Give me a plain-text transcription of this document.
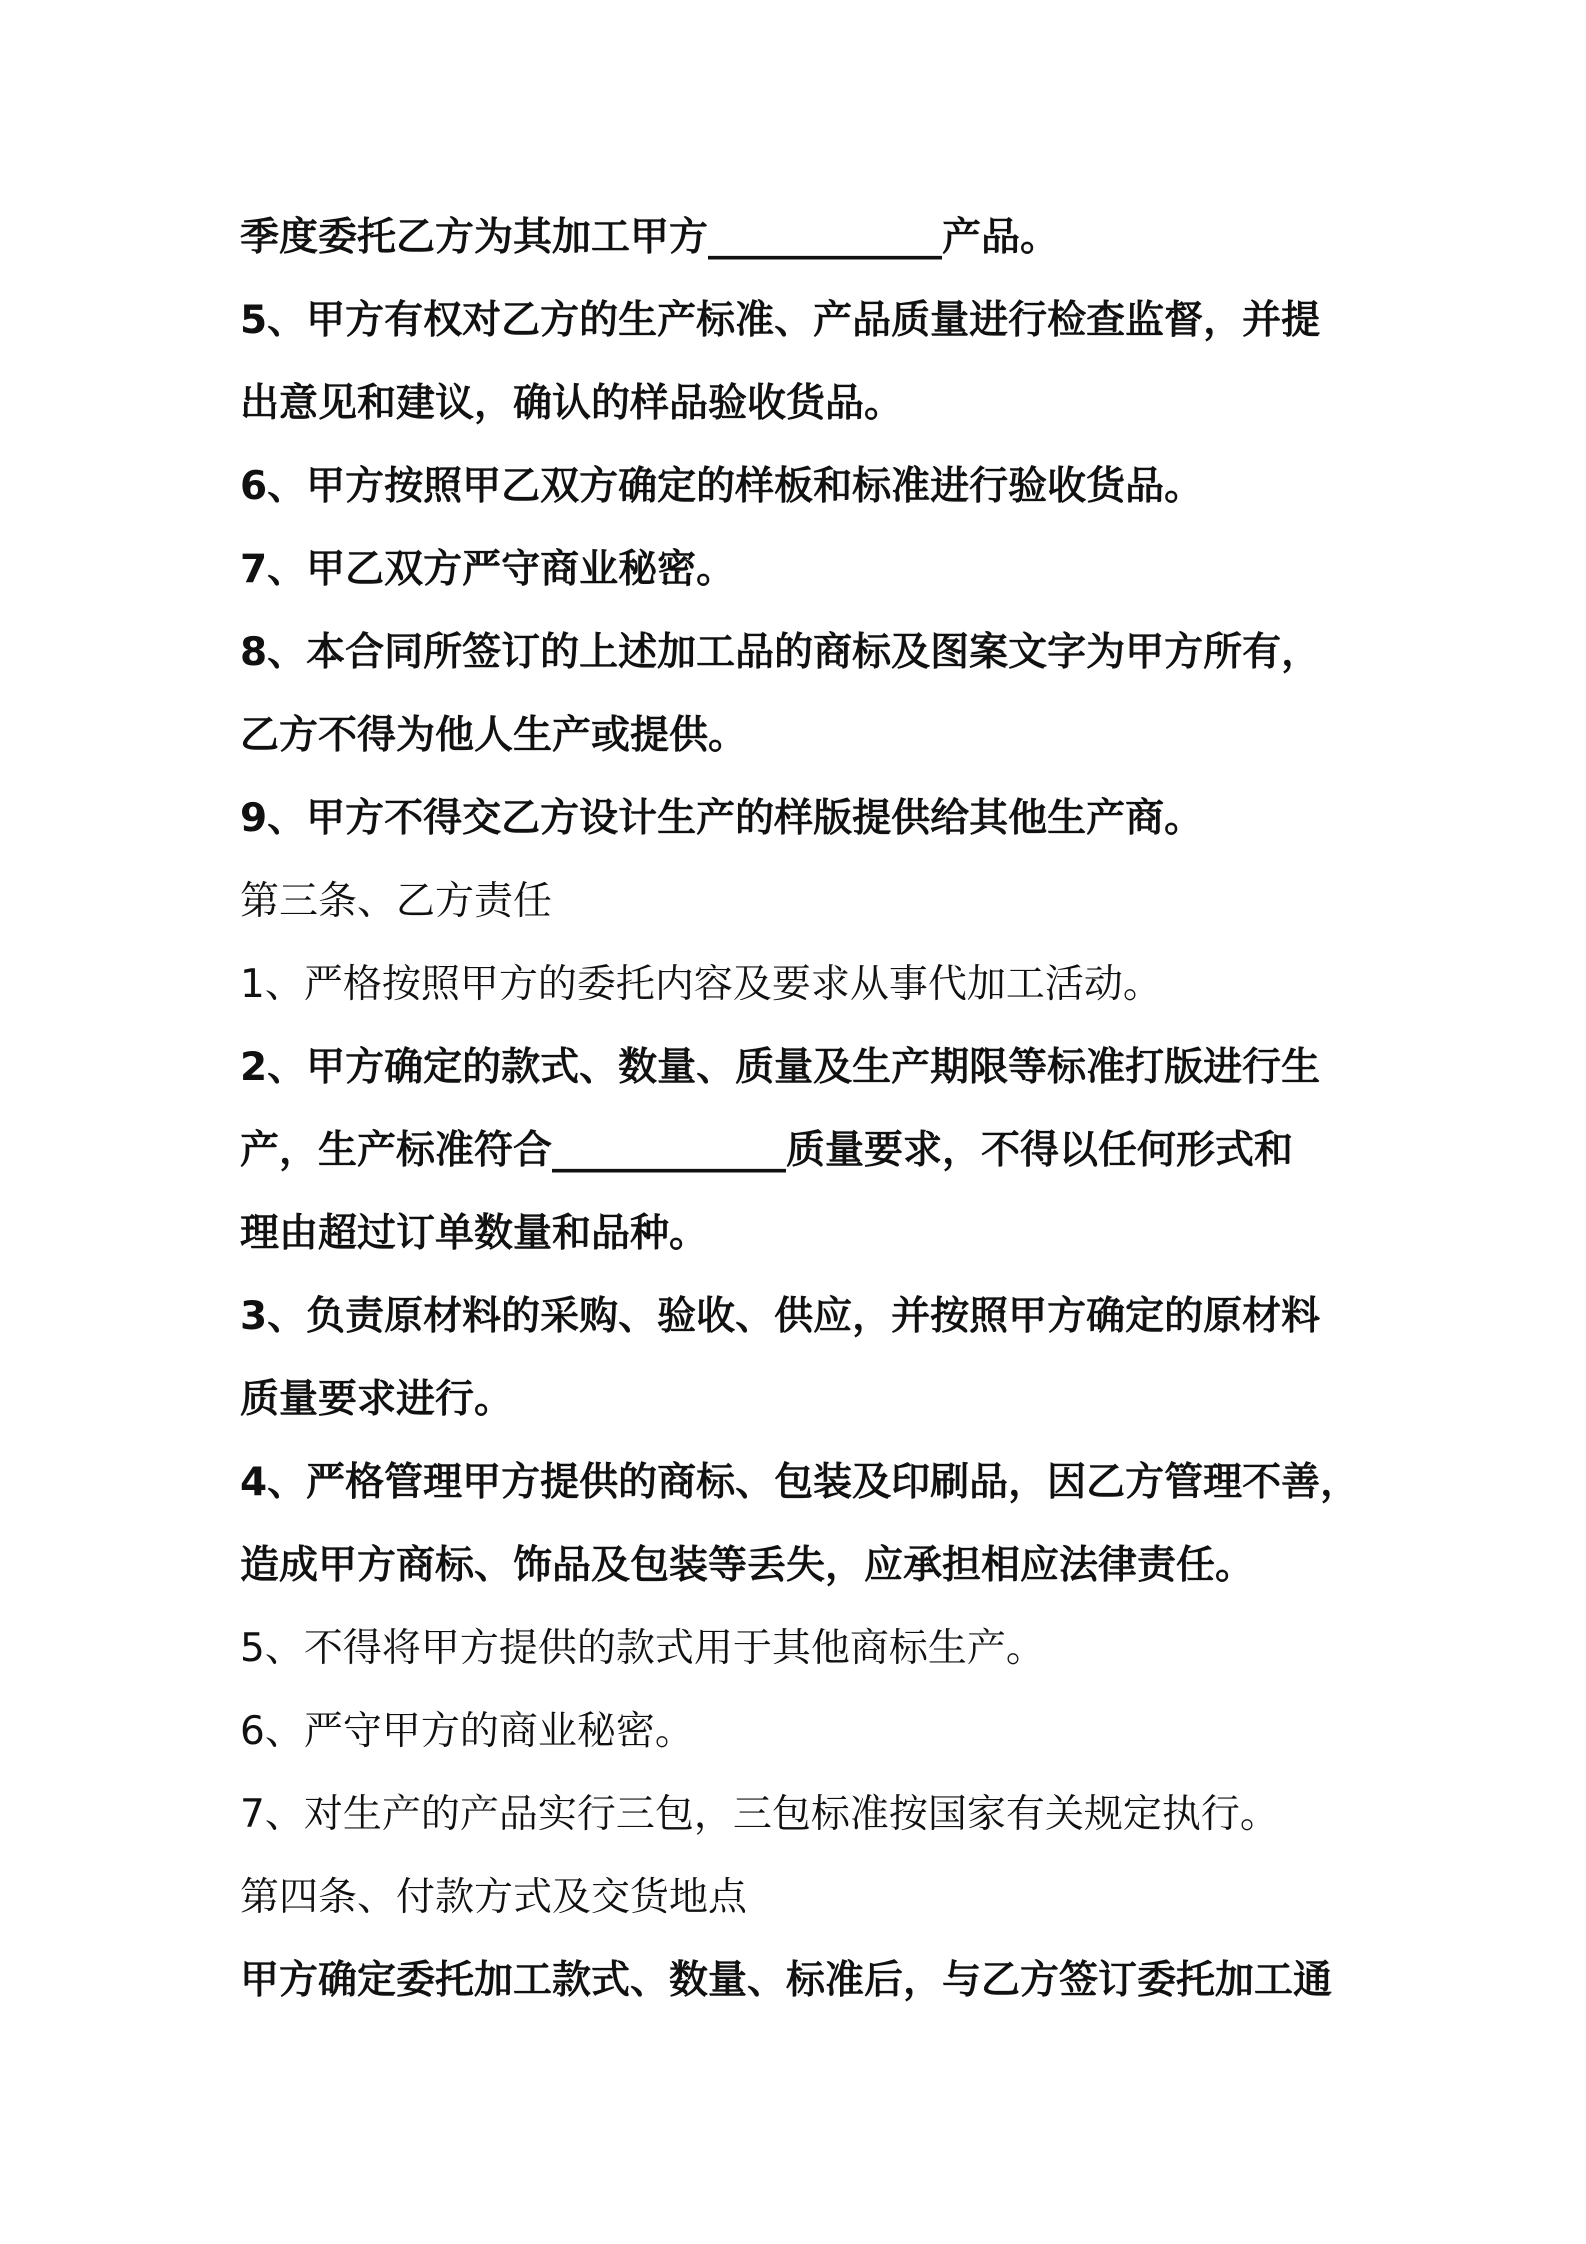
季度委托乙方为其加工甲方____________产品。
5、甲方有权对乙方的生产标准、产品质量进行检查监督，并提
出意见和建议，确认的样品验收货品。
6、甲方按照甲乙双方确定的样板和标准进行验收货品。
7、甲乙双方严守商业秘密。
8、本合同所签订的上述加工品的商标及图案文字为甲方所有，
乙方不得为他人生产或提供。
9、甲方不得交乙方设计生产的样版提供给其他生产商。
第三条、乙方责任
1、严格按照甲方的委托内容及要求从事代加工活动。
2、甲方确定的款式、数量、质量及生产期限等标准打版进行生
产，生产标准符合____________质量要求，不得以任何形式和
理由超过订单数量和品种。
3、负责原材料的采购、验收、供应，并按照甲方确定的原材料
质量要求进行。
4、严格管理甲方提供的商标、包装及印刷品，因乙方管理不善，
造成甲方商标、饰品及包装等丢失，应承担相应法律责任。
5、不得将甲方提供的款式用于其他商标生产。
6、严守甲方的商业秘密。
7、对生产的产品实行三包，三包标准按国家有关规定执行。
第四条、付款方式及交货地点
甲方确定委托加工款式、数量、标准后，与乙方签订委托加工通
